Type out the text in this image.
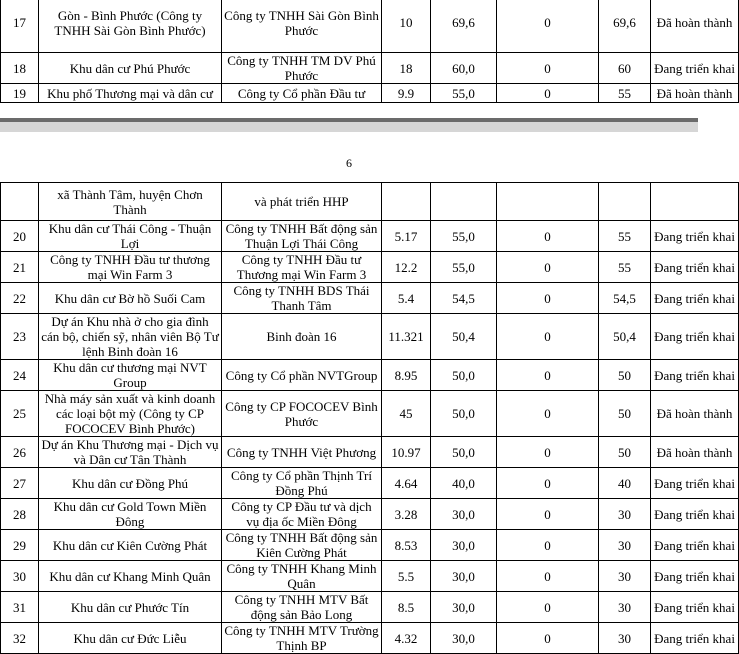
17	Gòn - Bình Phước (Công ty TNHH Sài Gòn Bình Phước)	Công ty TNHH Sài Gòn Bình Phước	10	69,6	0	69,6	Đã hoàn thành
18	Khu dân cư Phú Phước	Công ty TNHH TM DV Phú Phước	18	60,0	0	60	Đang triển khai
19	Khu phố Thương mại và dân cư	Công ty Cổ phần Đầu tư	9.9	55,0	0	55	Đã hoàn thành
6
	xã Thành Tâm, huyện Chơn Thành	và phát triển HHP					
20	Khu dân cư Thái Công - Thuận Lợi	Công ty TNHH Bất động sản Thuận Lợi Thái Công	5.17	55,0	0	55	Đang triển khai
21	Công ty TNHH Đầu tư thương mại Win Farm 3	Công ty TNHH Đầu tư Thương mại Win Farm 3	12.2	55,0	0	55	Đang triển khai
22	Khu dân cư Bờ hồ Suối Cam	Công ty TNHH BDS Thái Thanh Tâm	5.4	54,5	0	54,5	Đang triển khai
23	Dự án Khu nhà ở cho gia đình cán bộ, chiến sỹ, nhân viên Bộ Tư lệnh Binh đoàn 16	Binh đoàn 16	11.321	50,4	0	50,4	Đang triển khai
24	Khu dân cư thương mại NVT Group	Công ty Cổ phần NVTGroup	8.95	50,0	0	50	Đang triển khai
25	Nhà máy sản xuất và kinh doanh các loại bột mỳ (Công ty CP FOCOCEV Bình Phước)	Công ty CP FOCOCEV Bình Phước	45	50,0	0	50	Đã hoàn thành
26	Dự án Khu Thương mại - Dịch vụ và Dân cư Tân Thành	Công ty TNHH Việt Phương	10.97	50,0	0	50	Đã hoàn thành
27	Khu dân cư Đồng Phú	Công ty Cổ phần Thịnh Trí Đồng Phú	4.64	40,0	0	40	Đang triển khai
28	Khu dân cư Gold Town Miền Đông	Công ty CP Đầu tư và dịch vụ địa ốc Miền Đông	3.28	30,0	0	30	Đang triển khai
29	Khu dân cư Kiên Cường Phát	Công ty TNHH Bất động sản Kiên Cường Phát	8.53	30,0	0	30	Đang triển khai
30	Khu dân cư Khang Minh Quân	Công ty TNHH Khang Minh Quân	5.5	30,0	0	30	Đang triển khai
31	Khu dân cư Phước Tín	Công ty TNHH MTV Bất động sản Bảo Long	8.5	30,0	0	30	Đang triển khai
32	Khu dân cư Đức Liễu	Công ty TNHH MTV Trường Thịnh BP	4.32	30,0	0	30	Đang triển khai
